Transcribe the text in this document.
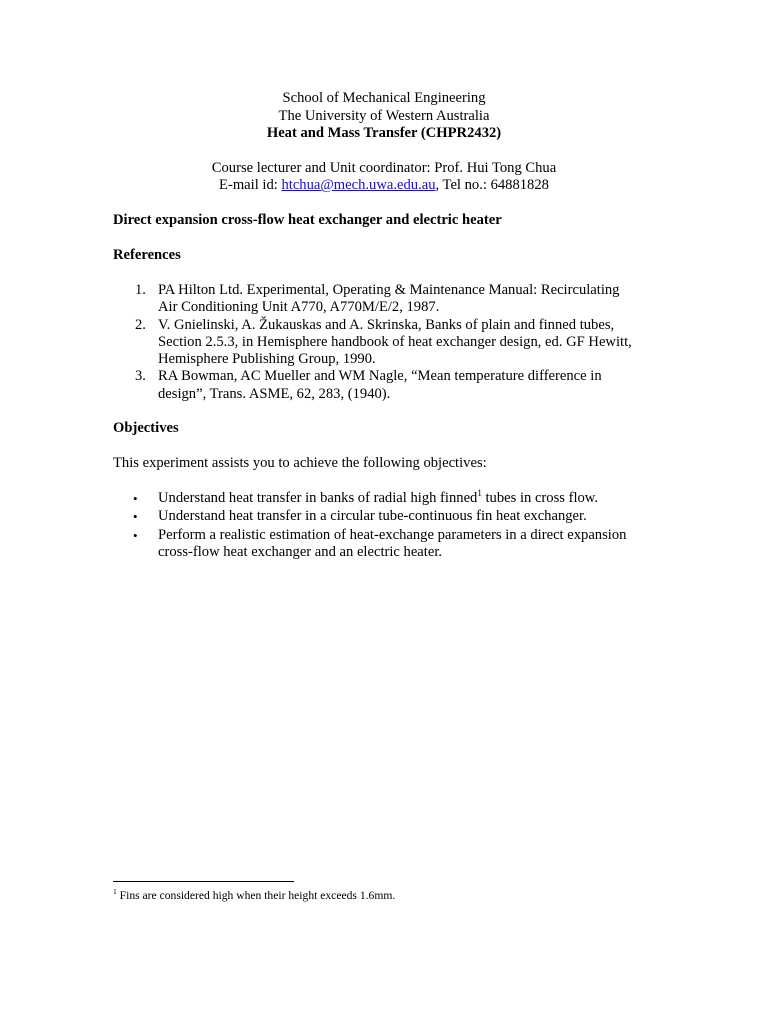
School of Mechanical Engineering
The University of Western Australia
Heat and Mass Transfer (CHPR2432)
Course lecturer and Unit coordinator: Prof. Hui Tong Chua
E-mail id: htchua@mech.uwa.edu.au, Tel no.: 64881828
Direct expansion cross-flow heat exchanger and electric heater
References
1. PA Hilton Ltd. Experimental, Operating & Maintenance Manual: Recirculating
Air Conditioning Unit A770, A770M/E/2, 1987.
2. V. Gnielinski, A. Žukauskas and A. Skrinska, Banks of plain and finned tubes,
Section 2.5.3, in Hemisphere handbook of heat exchanger design, ed. GF Hewitt,
Hemisphere Publishing Group, 1990.
3. RA Bowman, AC Mueller and WM Nagle, “Mean temperature difference in
design”, Trans. ASME, 62, 283, (1940).
Objectives
This experiment assists you to achieve the following objectives:
• Understand heat transfer in banks of radial high finned$^1$ tubes in cross flow.
• Understand heat transfer in a circular tube-continuous fin heat exchanger.
• Perform a realistic estimation of heat-exchange parameters in a direct expansion
cross-flow heat exchanger and an electric heater.
$^1$ Fins are considered high when their height exceeds 1.6mm.
